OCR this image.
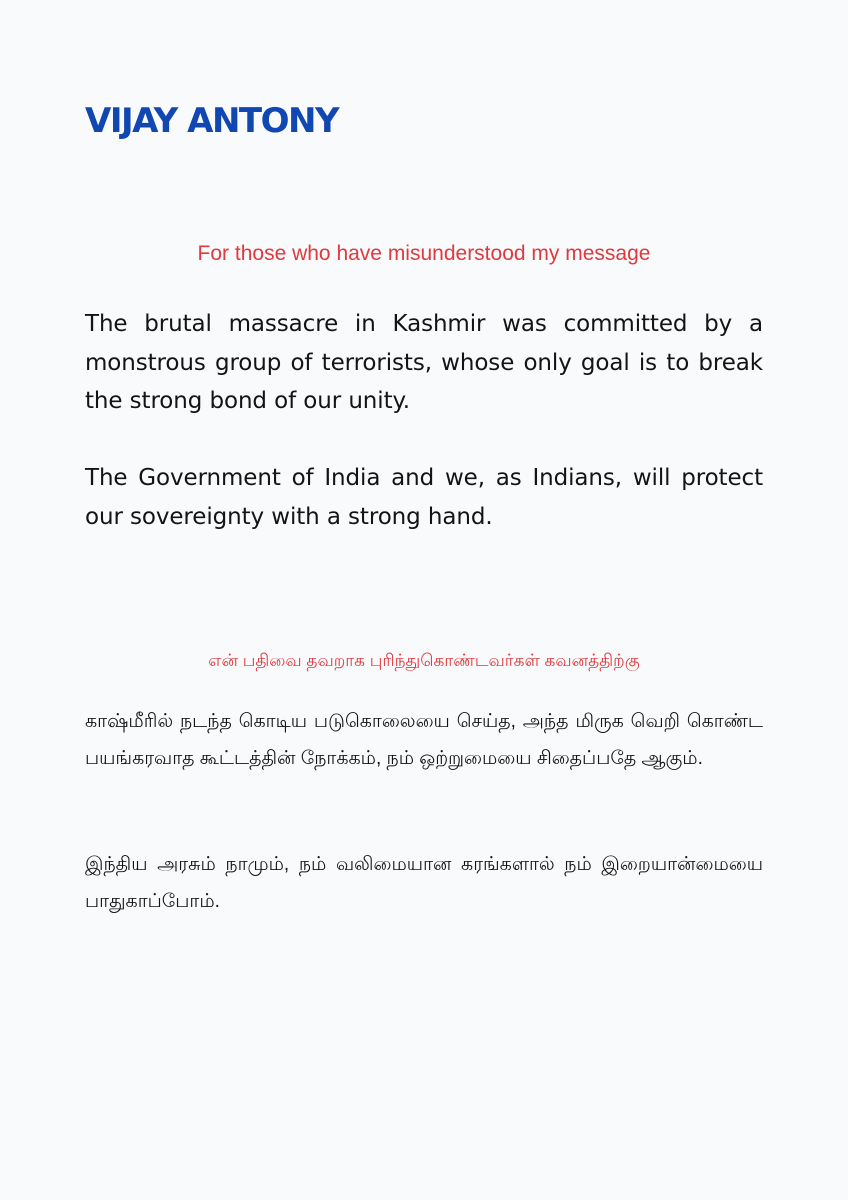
VIJAY ANTONY

For those who have misunderstood my message

The brutal massacre in Kashmir was committed by a monstrous group of terrorists, whose only goal is to break the strong bond of our unity.

The Government of India and we, as Indians, will protect our sovereignty with a strong hand.

என் பதிவை தவறாக புரிந்துகொண்டவர்கள் கவனத்திற்கு

காஷ்மீரில் நடந்த கொடிய படுகொலையை செய்த, அந்த மிருக வெறி கொண்ட பயங்கரவாத கூட்டத்தின் நோக்கம், நம் ஒற்றுமையை சிதைப்பதே ஆகும்.

இந்திய அரசும் நாமும், நம் வலிமையான கரங்களால் நம் இறையான்மையை பாதுகாப்போம்.
